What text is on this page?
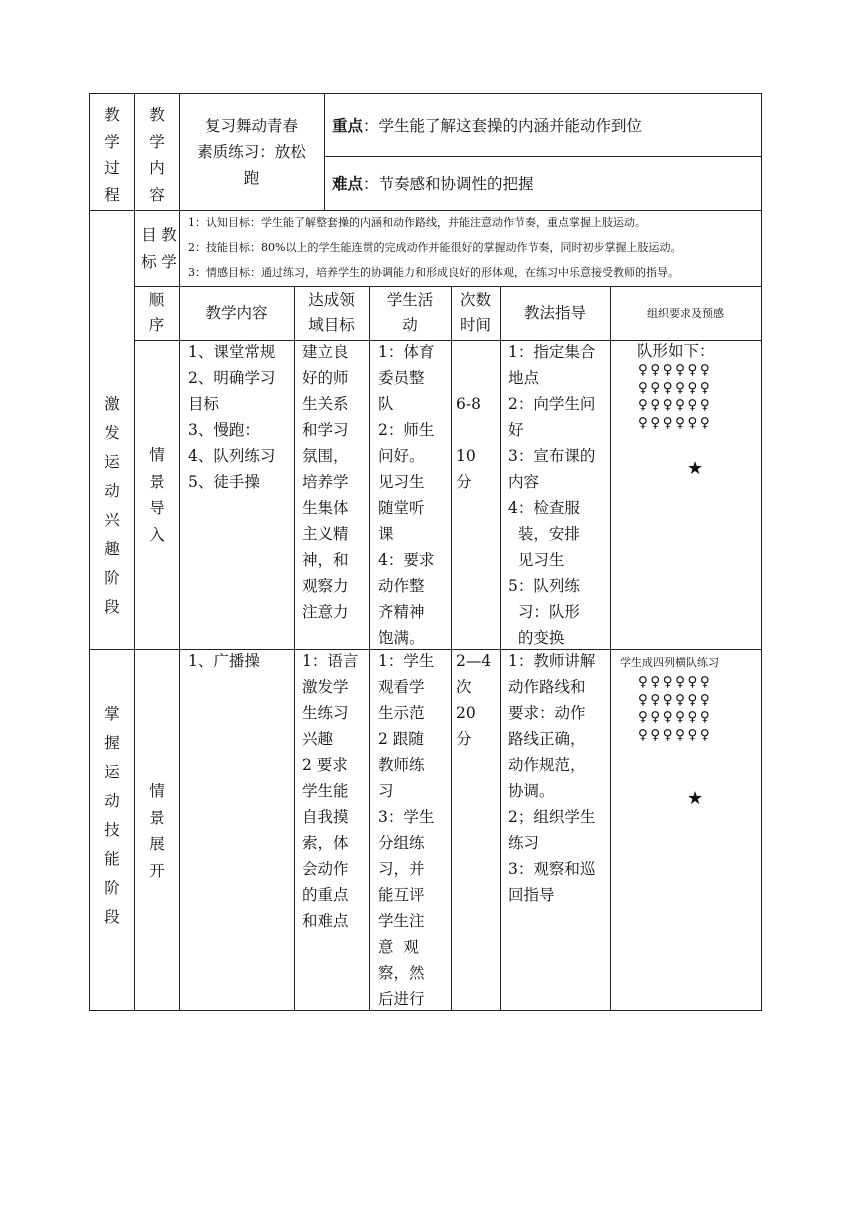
教
学
过
程
教
学
内
容
复习舞动青春
素质练习：放松
跑
重点：学生能了解这套操的内涵并能动作到位
难点：节奏感和协调性的把握
目
标
教
学
1：认知目标：学生能了解整套操的内涵和动作路线，并能注意动作节奏，重点掌握上肢运动。
2：技能目标：80%以上的学生能连贯的完成动作并能很好的掌握动作节奏，同时初步掌握上肢运动。
3：情感目标：通过练习，培养学生的协调能力和形成良好的形体观，在练习中乐意接受教师的指导。
顺
序
教学内容
达成领
域目标
学生活
动
次数
时间
教法指导	组织要求及预感
激
发
运
动
兴
趣
阶
段
情
景
导
入
1、课堂常规
2、明确学习
目标
3、慢跑：
4、队列练习
5、徒手操
建立良
好的师
生关系
和学习
氛围，
培养学
生集体
主义精
神，和
观察力
注意力
1：体育
委员整
队
2：师生
问好。
见习生
随堂听
课
4：要求
动作整
齐精神
饱满。
6-8
10
分
1：指定集合
地点
2：向学生问
好
3：宣布课的
内容
4：检查服
装，安排
见习生
5：队列练
习：队形
的变换
队形如下：
♀♀♀♀♀♀
♀♀♀♀♀♀
♀♀♀♀♀♀
♀♀♀♀♀♀
★
掌
握
运
动
技
能
阶
段
情
景
展
开
1、广播操	1：语言
激发学
生练习
兴趣
2 要求
学生能
自我摸
索，体
会动作
的重点
和难点
1：学生
观看学
生示范
2 跟随
教师练
习
3：学生
分组练
习，并
能互评
学生注
意  观
察，然
后进行
2—4
次
20
分
1：教师讲解
动作路线和
要求：动作
路线正确，
动作规范，
协调。
2；组织学生
练习
3：观察和巡
回指导
学生成四列横队练习
♀♀♀♀♀♀
♀♀♀♀♀♀
♀♀♀♀♀♀
♀♀♀♀♀♀
★
